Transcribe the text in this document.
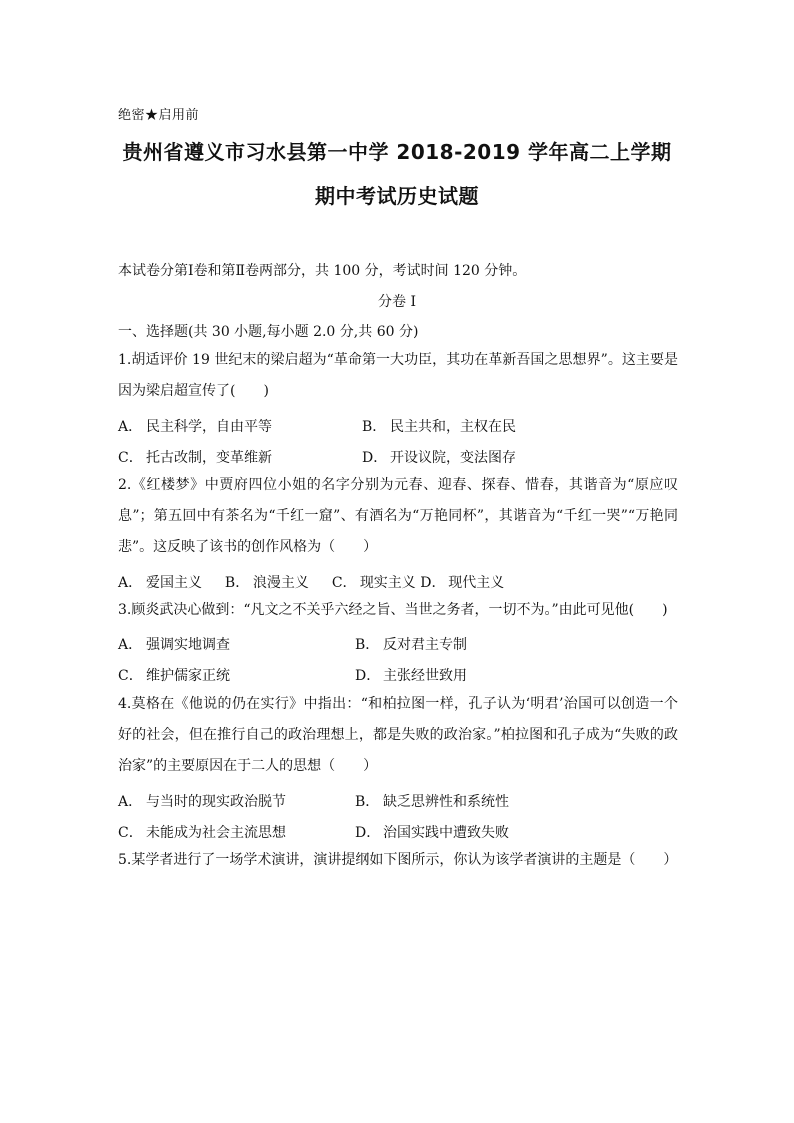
绝密★启用前
贵州省遵义市习水县第一中学 2018-2019 学年高二上学期
期中考试历史试题
本试卷分第Ⅰ卷和第Ⅱ卷两部分，共 100 分，考试时间 120 分钟。
分卷 I
一、选择题(共 30 小题,每小题 2.0 分,共 60 分)
1.胡适评价 19 世纪末的梁启超为“革命第一大功臣，其功在革新吾国之思想界”。这主要是因为梁启超宣传了(　　)
A． 民主科学，自由平等	B． 民主共和，主权在民
C． 托古改制，变革维新	D． 开设议院，变法图存
2.《红楼梦》中贾府四位小姐的名字分别为元春、迎春、探春、惜春，其谐音为“原应叹息”；第五回中有茶名为“千红一窟”、有酒名为“万艳同杯”，其谐音为“千红一哭”“万艳同悲”。这反映了该书的创作风格为（　　）
A． 爱国主义 B． 浪漫主义 C． 现实主义 D． 现代主义
3.顾炎武决心做到：“凡文之不关乎六经之旨、当世之务者，一切不为。”由此可见他(　　)
A． 强调实地调查	B． 反对君主专制
C． 维护儒家正统	D． 主张经世致用
4.莫格在《他说的仍在实行》中指出：“和柏拉图一样，孔子认为‘明君’治国可以创造一个好的社会，但在推行自己的政治理想上，都是失败的政治家。”柏拉图和孔子成为“失败的政治家”的主要原因在于二人的思想（　　）
A． 与当时的现实政治脱节	B． 缺乏思辨性和系统性
C． 未能成为社会主流思想	D． 治国实践中遭致失败
5.某学者进行了一场学术演讲，演讲提纲如下图所示，你认为该学者演讲的主题是（　　）
